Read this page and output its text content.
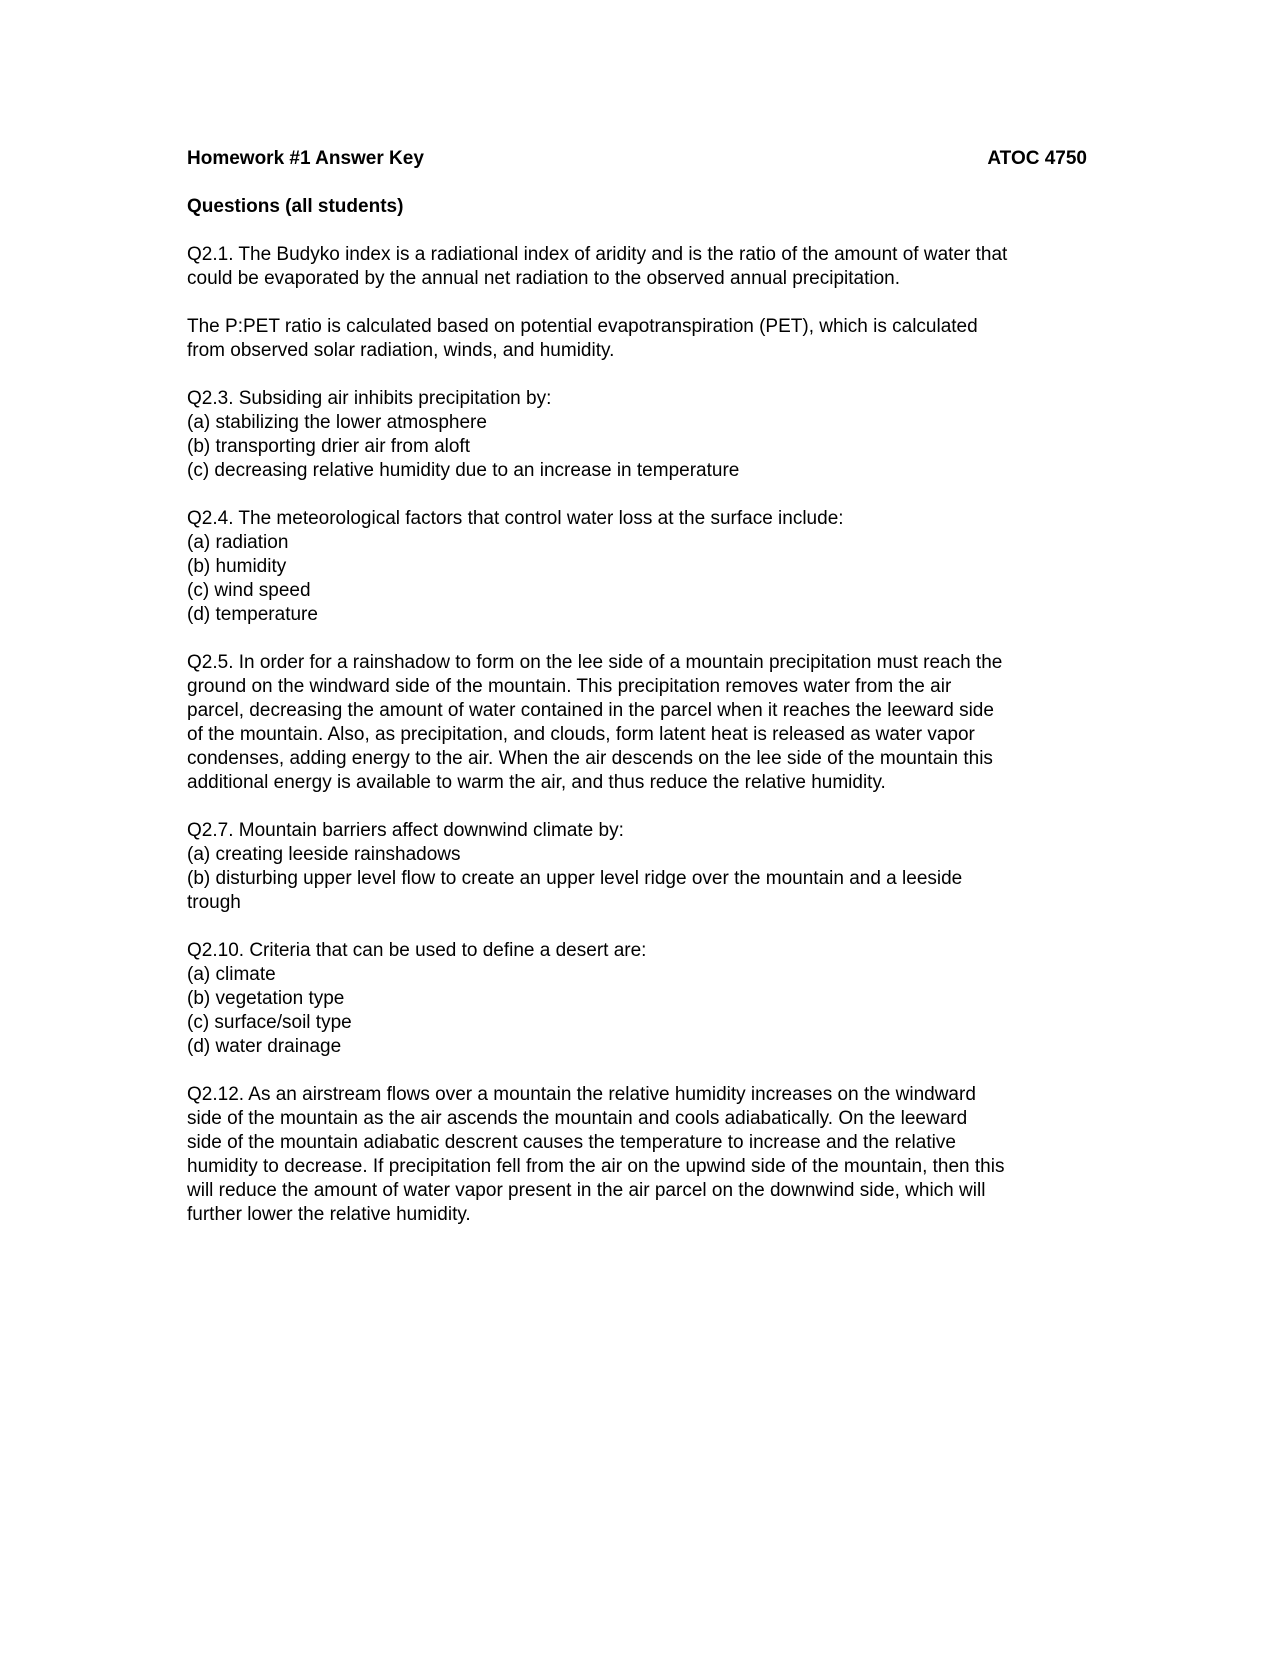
Homework #1 Answer Key	ATOC 4750
Questions (all students)
Q2.1. The Budyko index is a radiational index of aridity and is the ratio of the amount of water that
could be evaporated by the annual net radiation to the observed annual precipitation.
The P:PET ratio is calculated based on potential evapotranspiration (PET), which is calculated
from observed solar radiation, winds, and humidity.
Q2.3. Subsiding air inhibits precipitation by:
(a) stabilizing the lower atmosphere
(b) transporting drier air from aloft
(c) decreasing relative humidity due to an increase in temperature
Q2.4. The meteorological factors that control water loss at the surface include:
(a) radiation
(b) humidity
(c) wind speed
(d) temperature
Q2.5. In order for a rainshadow to form on the lee side of a mountain precipitation must reach the
ground on the windward side of the mountain. This precipitation removes water from the air
parcel, decreasing the amount of water contained in the parcel when it reaches the leeward side
of the mountain. Also, as precipitation, and clouds, form latent heat is released as water vapor
condenses, adding energy to the air. When the air descends on the lee side of the mountain this
additional energy is available to warm the air, and thus reduce the relative humidity.
Q2.7. Mountain barriers affect downwind climate by:
(a) creating leeside rainshadows
(b) disturbing upper level flow to create an upper level ridge over the mountain and a leeside
trough
Q2.10. Criteria that can be used to define a desert are:
(a) climate
(b) vegetation type
(c) surface/soil type
(d) water drainage
Q2.12. As an airstream flows over a mountain the relative humidity increases on the windward
side of the mountain as the air ascends the mountain and cools adiabatically. On the leeward
side of the mountain adiabatic descrent causes the temperature to increase and the relative
humidity to decrease. If precipitation fell from the air on the upwind side of the mountain, then this
will reduce the amount of water vapor present in the air parcel on the downwind side, which will
further lower the relative humidity.
